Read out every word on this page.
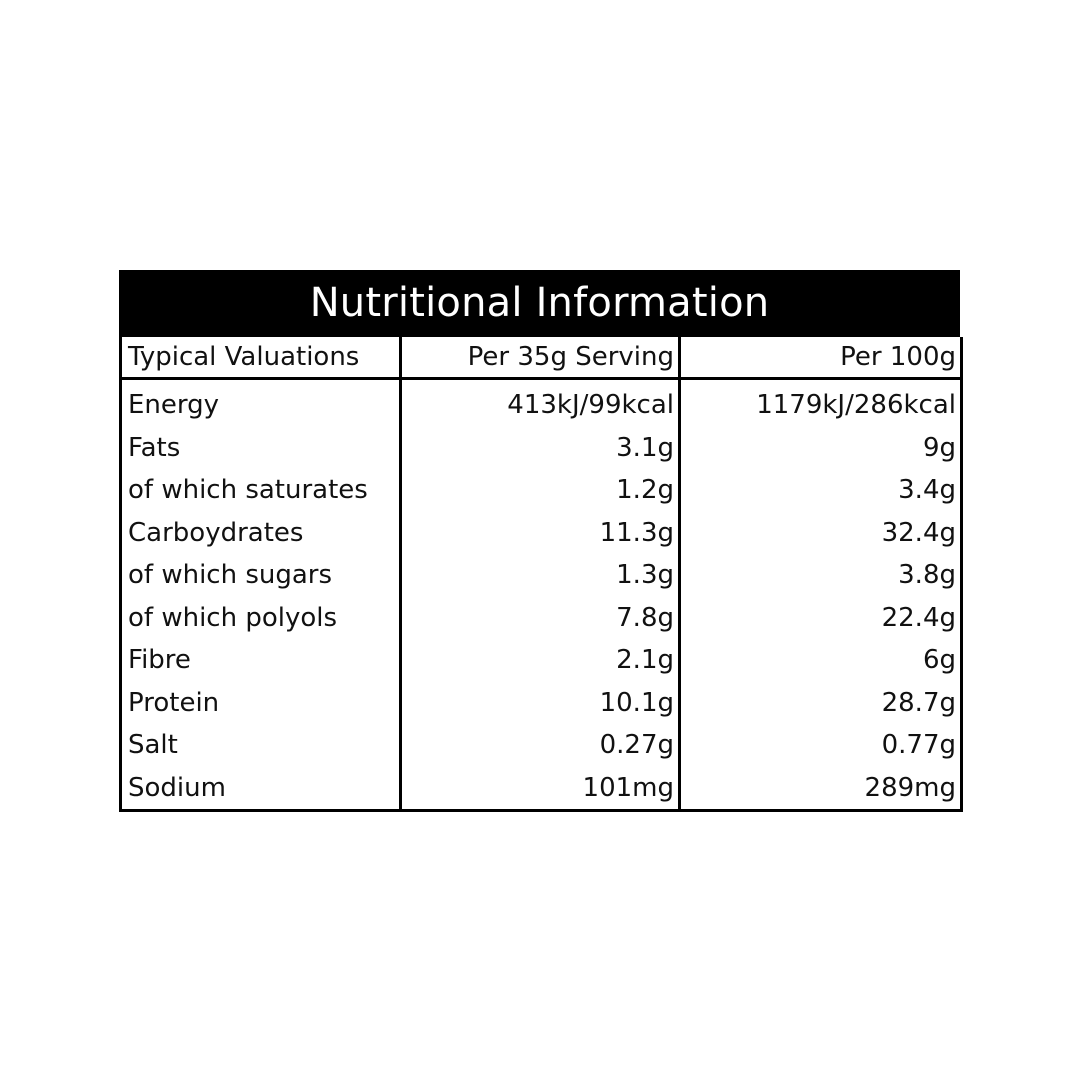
Nutritional Information
Typical Valuations	Per 35g Serving	Per 100g
Energy	413kJ/99kcal	1179kJ/286kcal
Fats	3.1g	9g
of which saturates	1.2g	3.4g
Carboydrates	11.3g	32.4g
of which sugars	1.3g	3.8g
of which polyols	7.8g	22.4g
Fibre	2.1g	6g
Protein	10.1g	28.7g
Salt	0.27g	0.77g
Sodium	101mg	289mg
